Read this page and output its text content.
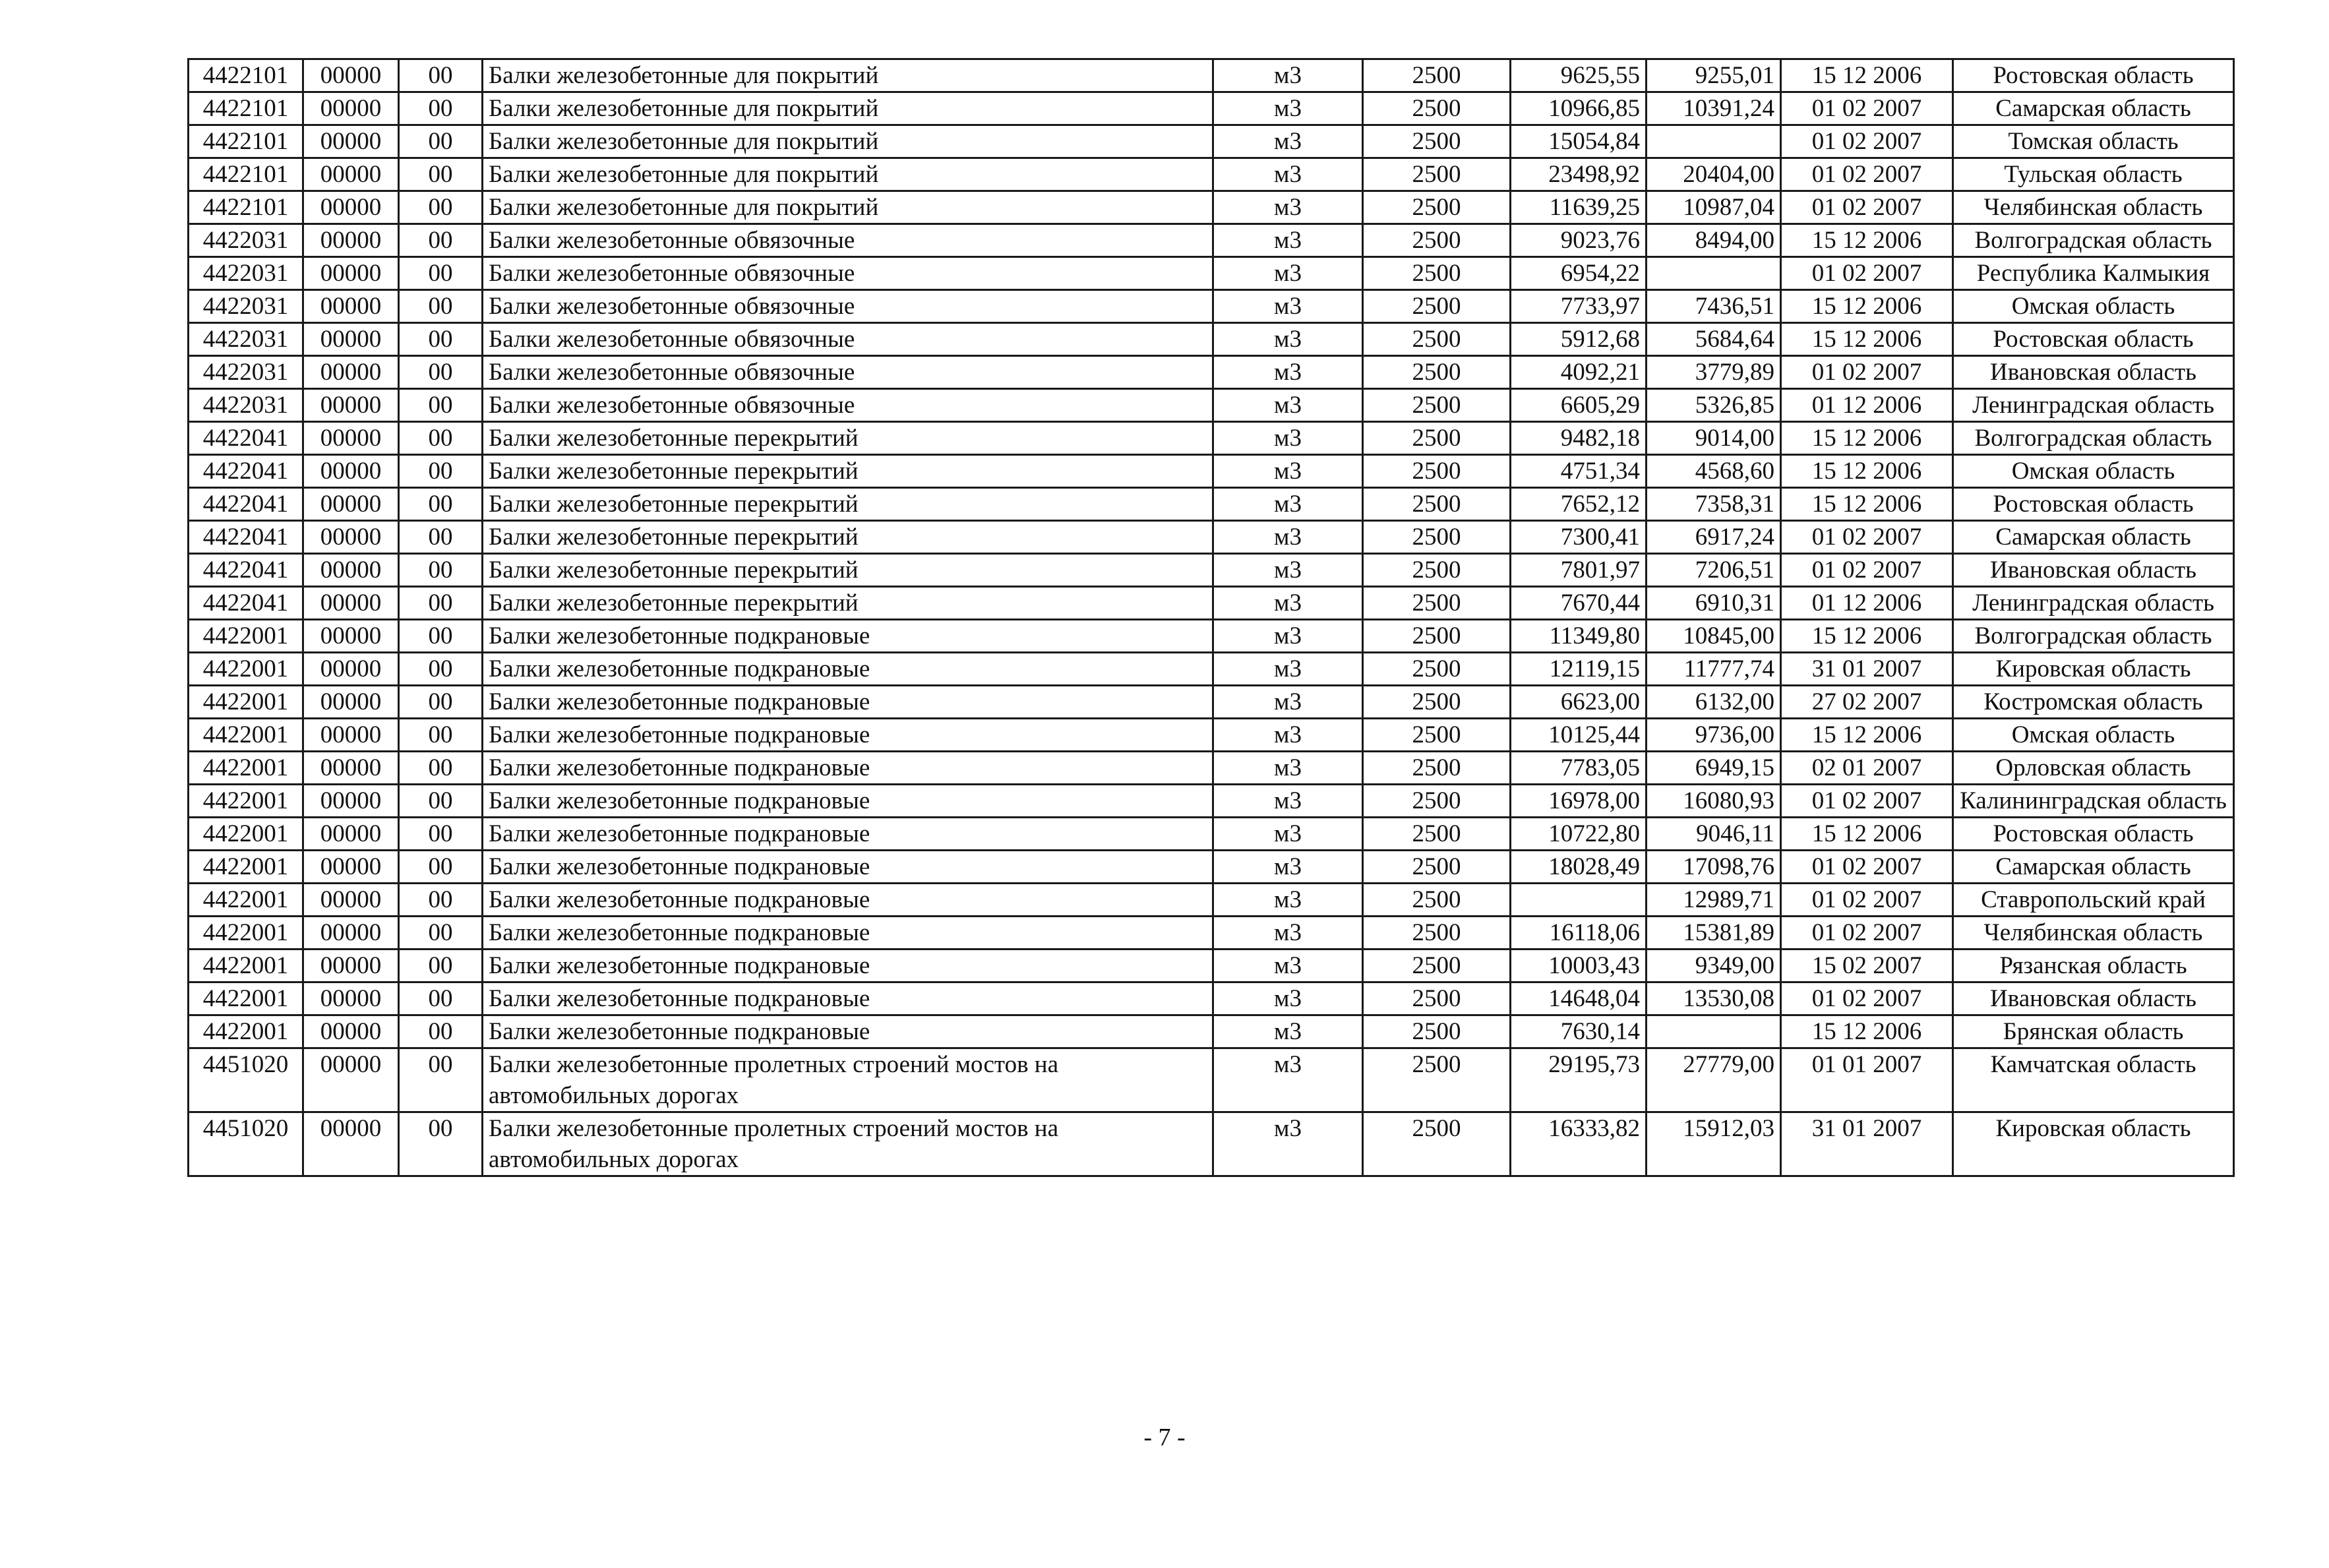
4422101	00000	00	Балки железобетонные для покрытий	м3	2500	9625,55	9255,01	15 12 2006	Ростовская область
4422101	00000	00	Балки железобетонные для покрытий	м3	2500	10966,85	10391,24	01 02 2007	Самарская область
4422101	00000	00	Балки железобетонные для покрытий	м3	2500	15054,84		01 02 2007	Томская область
4422101	00000	00	Балки железобетонные для покрытий	м3	2500	23498,92	20404,00	01 02 2007	Тульская область
4422101	00000	00	Балки железобетонные для покрытий	м3	2500	11639,25	10987,04	01 02 2007	Челябинская область
4422031	00000	00	Балки железобетонные обвязочные	м3	2500	9023,76	8494,00	15 12 2006	Волгоградская область
4422031	00000	00	Балки железобетонные обвязочные	м3	2500	6954,22		01 02 2007	Республика Калмыкия
4422031	00000	00	Балки железобетонные обвязочные	м3	2500	7733,97	7436,51	15 12 2006	Омская область
4422031	00000	00	Балки железобетонные обвязочные	м3	2500	5912,68	5684,64	15 12 2006	Ростовская область
4422031	00000	00	Балки железобетонные обвязочные	м3	2500	4092,21	3779,89	01 02 2007	Ивановская область
4422031	00000	00	Балки железобетонные обвязочные	м3	2500	6605,29	5326,85	01 12 2006	Ленинградская область
4422041	00000	00	Балки железобетонные перекрытий	м3	2500	9482,18	9014,00	15 12 2006	Волгоградская область
4422041	00000	00	Балки железобетонные перекрытий	м3	2500	4751,34	4568,60	15 12 2006	Омская область
4422041	00000	00	Балки железобетонные перекрытий	м3	2500	7652,12	7358,31	15 12 2006	Ростовская область
4422041	00000	00	Балки железобетонные перекрытий	м3	2500	7300,41	6917,24	01 02 2007	Самарская область
4422041	00000	00	Балки железобетонные перекрытий	м3	2500	7801,97	7206,51	01 02 2007	Ивановская область
4422041	00000	00	Балки железобетонные перекрытий	м3	2500	7670,44	6910,31	01 12 2006	Ленинградская область
4422001	00000	00	Балки железобетонные подкрановые	м3	2500	11349,80	10845,00	15 12 2006	Волгоградская область
4422001	00000	00	Балки железобетонные подкрановые	м3	2500	12119,15	11777,74	31 01 2007	Кировская область
4422001	00000	00	Балки железобетонные подкрановые	м3	2500	6623,00	6132,00	27 02 2007	Костромская область
4422001	00000	00	Балки железобетонные подкрановые	м3	2500	10125,44	9736,00	15 12 2006	Омская область
4422001	00000	00	Балки железобетонные подкрановые	м3	2500	7783,05	6949,15	02 01 2007	Орловская область
4422001	00000	00	Балки железобетонные подкрановые	м3	2500	16978,00	16080,93	01 02 2007	Калининградская область
4422001	00000	00	Балки железобетонные подкрановые	м3	2500	10722,80	9046,11	15 12 2006	Ростовская область
4422001	00000	00	Балки железобетонные подкрановые	м3	2500	18028,49	17098,76	01 02 2007	Самарская область
4422001	00000	00	Балки железобетонные подкрановые	м3	2500		12989,71	01 02 2007	Ставропольский край
4422001	00000	00	Балки железобетонные подкрановые	м3	2500	16118,06	15381,89	01 02 2007	Челябинская область
4422001	00000	00	Балки железобетонные подкрановые	м3	2500	10003,43	9349,00	15 02 2007	Рязанская область
4422001	00000	00	Балки железобетонные подкрановые	м3	2500	14648,04	13530,08	01 02 2007	Ивановская область
4422001	00000	00	Балки железобетонные подкрановые	м3	2500	7630,14		15 12 2006	Брянская область
4451020	00000	00	Балки железобетонные пролетных строений мостов на автомобильных дорогах	м3	2500	29195,73	27779,00	01 01 2007	Камчатская область
4451020	00000	00	Балки железобетонные пролетных строений мостов на автомобильных дорогах	м3	2500	16333,82	15912,03	31 01 2007	Кировская область
- 7 -
